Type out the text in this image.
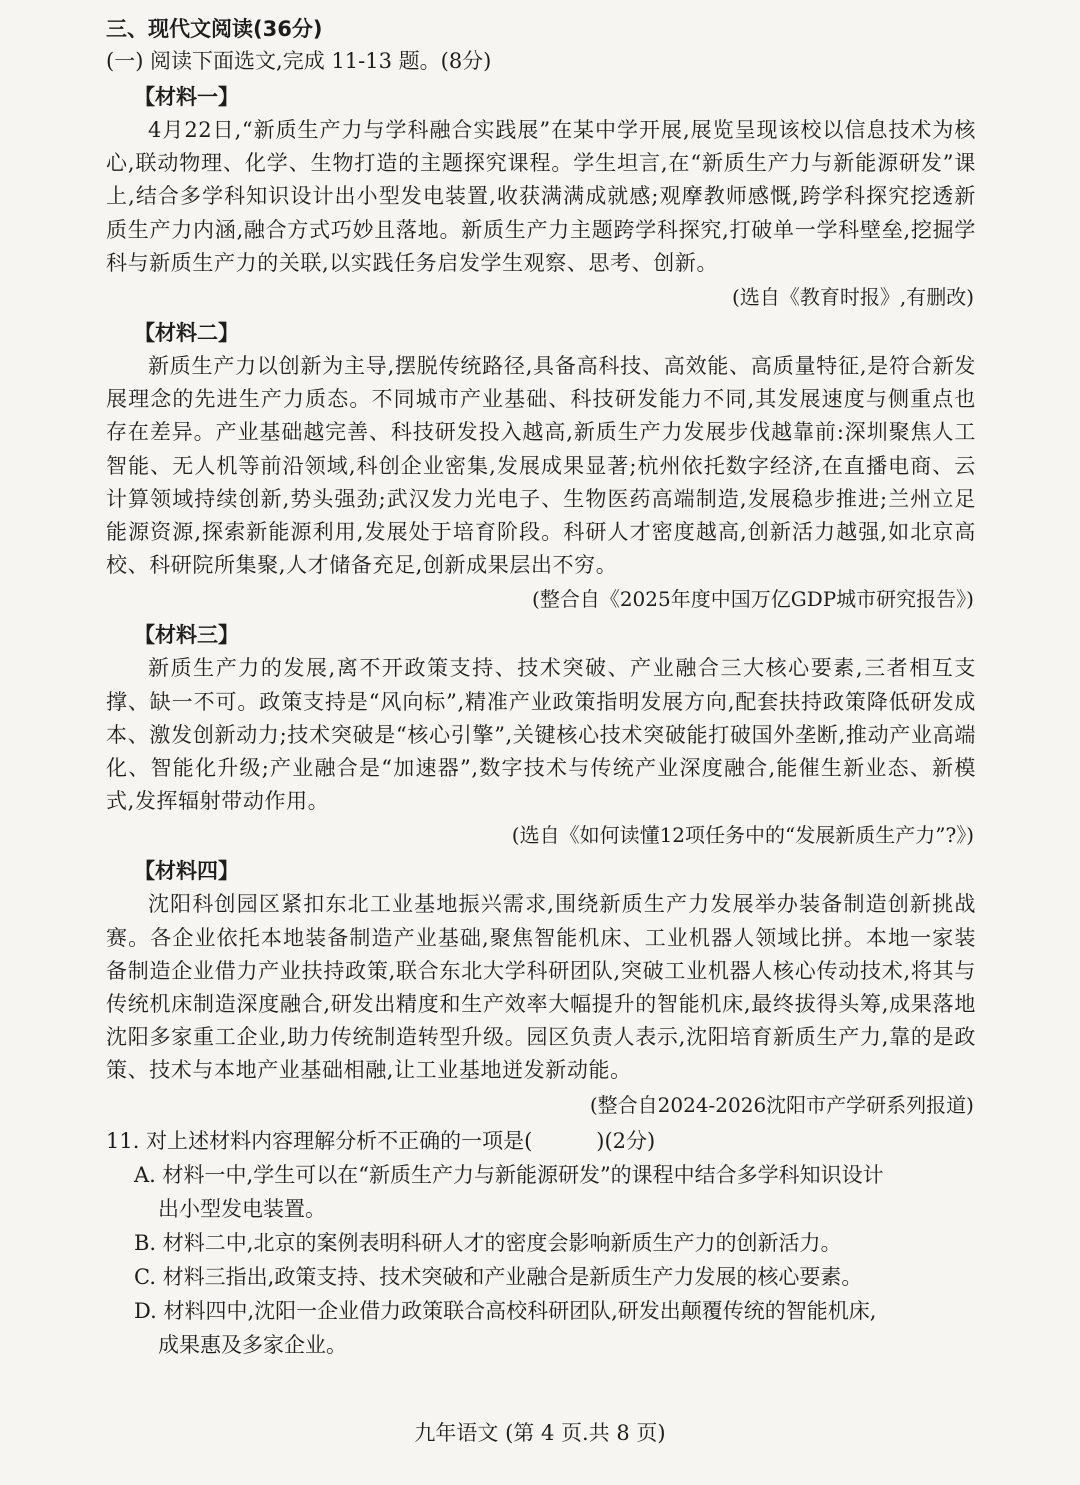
三、现代文阅读(36分)
(一) 阅读下面选文,完成 11-13 题。(8分)
【材料一】
4月22日,“新质生产力与学科融合实践展”在某中学开展,展览呈现该校以信息技术为核心,联动物理、化学、生物打造的主题探究课程。学生坦言,在“新质生产力与新能源研发”课上,结合多学科知识设计出小型发电装置,收获满满成就感;观摩教师感慨,跨学科探究挖透新质生产力内涵,融合方式巧妙且落地。新质生产力主题跨学科探究,打破单一学科壁垒,挖掘学科与新质生产力的关联,以实践任务启发学生观察、思考、创新。
(选自《教育时报》,有删改)
【材料二】
新质生产力以创新为主导,摆脱传统路径,具备高科技、高效能、高质量特征,是符合新发展理念的先进生产力质态。不同城市产业基础、科技研发能力不同,其发展速度与侧重点也存在差异。产业基础越完善、科技研发投入越高,新质生产力发展步伐越靠前:深圳聚焦人工智能、无人机等前沿领域,科创企业密集,发展成果显著;杭州依托数字经济,在直播电商、云计算领域持续创新,势头强劲;武汉发力光电子、生物医药高端制造,发展稳步推进;兰州立足能源资源,探索新能源利用,发展处于培育阶段。科研人才密度越高,创新活力越强,如北京高校、科研院所集聚,人才储备充足,创新成果层出不穷。
(整合自《2025年度中国万亿GDP城市研究报告》)
【材料三】
新质生产力的发展,离不开政策支持、技术突破、产业融合三大核心要素,三者相互支撑、缺一不可。政策支持是“风向标”,精准产业政策指明发展方向,配套扶持政策降低研发成本、激发创新动力;技术突破是“核心引擎”,关键核心技术突破能打破国外垄断,推动产业高端化、智能化升级;产业融合是“加速器”,数字技术与传统产业深度融合,能催生新业态、新模式,发挥辐射带动作用。
(选自《如何读懂12项任务中的“发展新质生产力”?》)
【材料四】
沈阳科创园区紧扣东北工业基地振兴需求,围绕新质生产力发展举办装备制造创新挑战赛。各企业依托本地装备制造产业基础,聚焦智能机床、工业机器人领域比拼。本地一家装备制造企业借力产业扶持政策,联合东北大学科研团队,突破工业机器人核心传动技术,将其与传统机床制造深度融合,研发出精度和生产效率大幅提升的智能机床,最终拔得头筹,成果落地沈阳多家重工企业,助力传统制造转型升级。园区负责人表示,沈阳培育新质生产力,靠的是政策、技术与本地产业基础相融,让工业基地迸发新动能。
(整合自2024-2026沈阳市产学研系列报道)
11. 对上述材料内容理解分析不正确的一项是(	)(2分)
A. 材料一中,学生可以在“新质生产力与新能源研发”的课程中结合多学科知识设计
出小型发电装置。
B. 材料二中,北京的案例表明科研人才的密度会影响新质生产力的创新活力。
C. 材料三指出,政策支持、技术突破和产业融合是新质生产力发展的核心要素。
D. 材料四中,沈阳一企业借力政策联合高校科研团队,研发出颠覆传统的智能机床,
成果惠及多家企业。
九年语文 (第 4 页.共 8 页)
